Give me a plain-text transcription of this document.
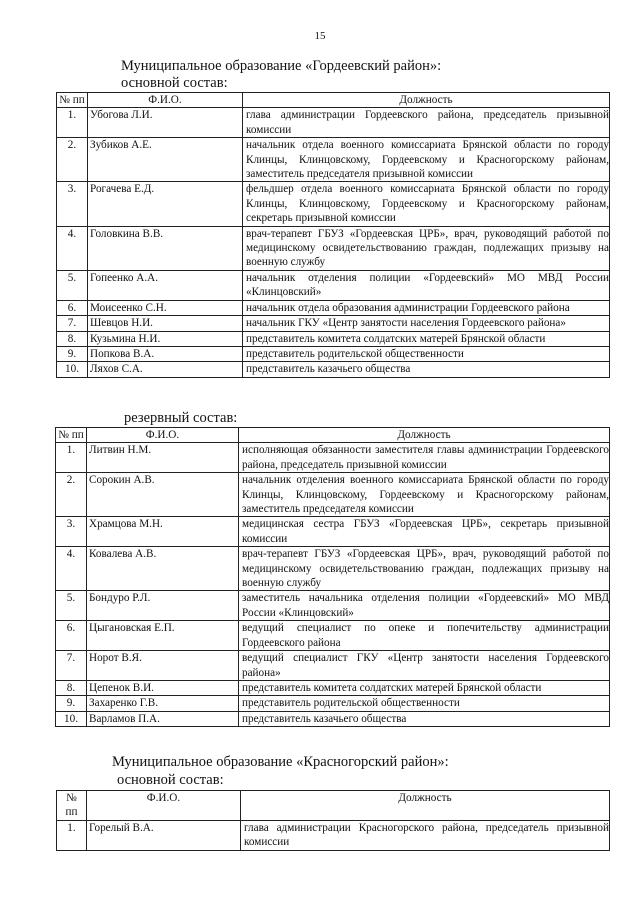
15
Муниципальное образование «Гордеевский район»:
основной состав:
№ пп	Ф.И.О.	Должность
1.	Убогова Л.И.	глава администрации Гордеевского района, председатель призывной комиссии
2.	Зубиков А.Е.	начальник отдела военного комиссариата Брянской области по городу Клинцы, Клинцовскому, Гордеевскому и Красногорскому районам, заместитель председателя призывной комиссии
3.	Рогачева Е.Д.	фельдшер отдела военного комиссариата Брянской области по городу Клинцы, Клинцовскому, Гордеевскому и Красногорскому районам, секретарь призывной комиссии
4.	Головкина В.В.	врач-терапевт ГБУЗ «Гордеевская ЦРБ», врач, руководящий работой по медицинскому освидетельствованию граждан, подлежащих призыву на военную службу
5.	Гопеенко А.А.	начальник отделения полиции «Гордеевский» МО МВД России «Клинцовский»
6.	Моисеенко С.Н.	начальник отдела образования администрации Гордеевского района
7.	Шевцов Н.И.	начальник ГКУ «Центр занятости населения Гордеевского района»
8.	Кузьмина Н.И.	представитель комитета солдатских матерей Брянской области
9.	Попкова В.А.	представитель родительской общественности
10.	Ляхов С.А.	представитель казачьего общества
резервный состав:
№ пп	Ф.И.О.	Должность
1.	Литвин Н.М.	исполняющая обязанности заместителя главы администрации Гордеевского района, председатель призывной комиссии
2.	Сорокин А.В.	начальник отделения военного комиссариата Брянской области по городу Клинцы, Клинцовскому, Гордеевскому и Красногорскому районам, заместитель председателя комиссии
3.	Храмцова М.Н.	медицинская сестра ГБУЗ «Гордеевская ЦРБ», секретарь призывной комиссии
4.	Ковалева А.В.	врач-терапевт ГБУЗ «Гордеевская ЦРБ», врач, руководящий работой по медицинскому освидетельствованию граждан, подлежащих призыву на военную службу
5.	Бондуро Р.Л.	заместитель начальника отделения полиции «Гордеевский» МО МВД России «Клинцовский»
6.	Цыгановская Е.П.	ведущий специалист по опеке и попечительству администрации Гордеевского района
7.	Норот В.Я.	ведущий специалист ГКУ «Центр занятости населения Гордеевского района»
8.	Цепенок В.И.	представитель комитета солдатских матерей Брянской области
9.	Захаренко Г.В.	представитель родительской общественности
10.	Варламов П.А.	представитель казачьего общества
Муниципальное образование «Красногорский район»:
основной состав:
№ пп	Ф.И.О.	Должность
1.	Горелый В.А.	глава администрации Красногорского района, председатель призывной комиссии
